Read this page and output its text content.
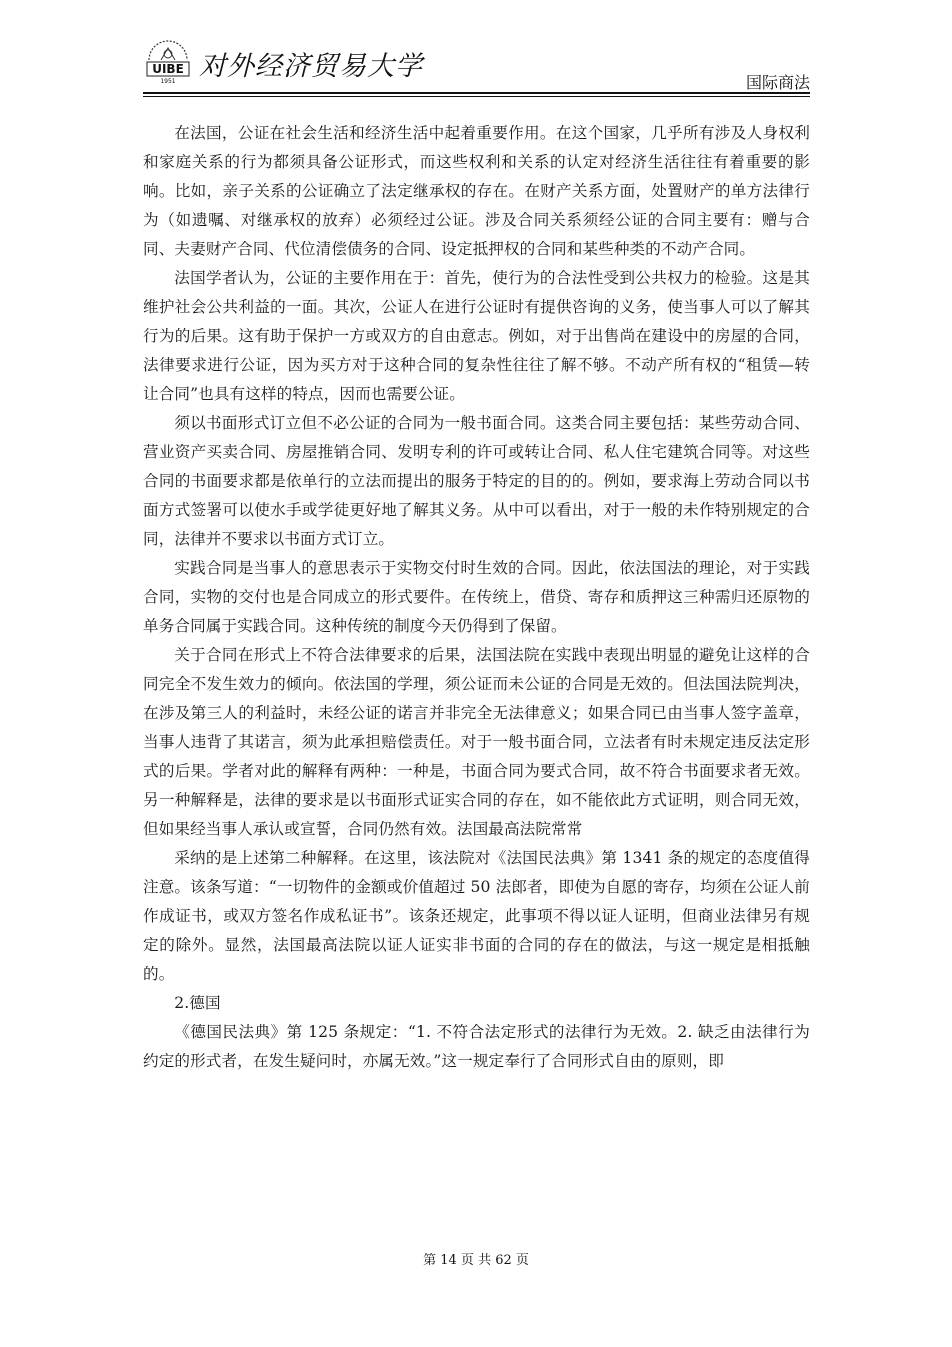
UIBE
1951 对外经济贸易大学
国际商法

在法国，公证在社会生活和经济生活中起着重要作用。在这个国家，几乎所有涉及人身权利和家庭关系的行为都须具备公证形式，而这些权利和关系的认定对经济生活往往有着重要的影响。比如，亲子关系的公证确立了法定继承权的存在。在财产关系方面，处置财产的单方法律行为（如遗嘱、对继承权的放弃）必须经过公证。涉及合同关系须经公证的合同主要有：赠与合同、夫妻财产合同、代位清偿债务的合同、设定抵押权的合同和某些种类的不动产合同。

法国学者认为，公证的主要作用在于：首先，使行为的合法性受到公共权力的检验。这是其维护社会公共利益的一面。其次，公证人在进行公证时有提供咨询的义务，使当事人可以了解其行为的后果。这有助于保护一方或双方的自由意志。例如，对于出售尚在建设中的房屋的合同，法律要求进行公证，因为买方对于这种合同的复杂性往往了解不够。不动产所有权的“租赁—转让合同”也具有这样的特点，因而也需要公证。

须以书面形式订立但不必公证的合同为一般书面合同。这类合同主要包括：某些劳动合同、营业资产买卖合同、房屋推销合同、发明专利的许可或转让合同、私人住宅建筑合同等。对这些合同的书面要求都是依单行的立法而提出的服务于特定的目的的。例如，要求海上劳动合同以书面方式签署可以使水手或学徒更好地了解其义务。从中可以看出，对于一般的未作特别规定的合同，法律并不要求以书面方式订立。

实践合同是当事人的意思表示于实物交付时生效的合同。因此，依法国法的理论，对于实践合同，实物的交付也是合同成立的形式要件。在传统上，借贷、寄存和质押这三种需归还原物的单务合同属于实践合同。这种传统的制度今天仍得到了保留。

关于合同在形式上不符合法律要求的后果，法国法院在实践中表现出明显的避免让这样的合同完全不发生效力的倾向。依法国的学理，须公证而未公证的合同是无效的。但法国法院判决，在涉及第三人的利益时，未经公证的诺言并非完全无法律意义；如果合同已由当事人签字盖章，当事人违背了其诺言，须为此承担赔偿责任。对于一般书面合同，立法者有时未规定违反法定形式的后果。学者对此的解释有两种：一种是，书面合同为要式合同，故不符合书面要求者无效。另一种解释是，法律的要求是以书面形式证实合同的存在，如不能依此方式证明，则合同无效，但如果经当事人承认或宣誓，合同仍然有效。法国最高法院常常

采纳的是上述第二种解释。在这里，该法院对《法国民法典》第 1341 条的规定的态度值得注意。该条写道：“一切物件的金额或价值超过 50 法郎者，即使为自愿的寄存，均须在公证人前作成证书，或双方签名作成私证书”。该条还规定，此事项不得以证人证明，但商业法律另有规定的除外。显然，法国最高法院以证人证实非书面的合同的存在的做法，与这一规定是相抵触的。

2.德国

《德国民法典》第 125 条规定：“1. 不符合法定形式的法律行为无效。2. 缺乏由法律行为约定的形式者，在发生疑问时，亦属无效。”这一规定奉行了合同形式自由的原则，即

第 14 页 共 62 页
